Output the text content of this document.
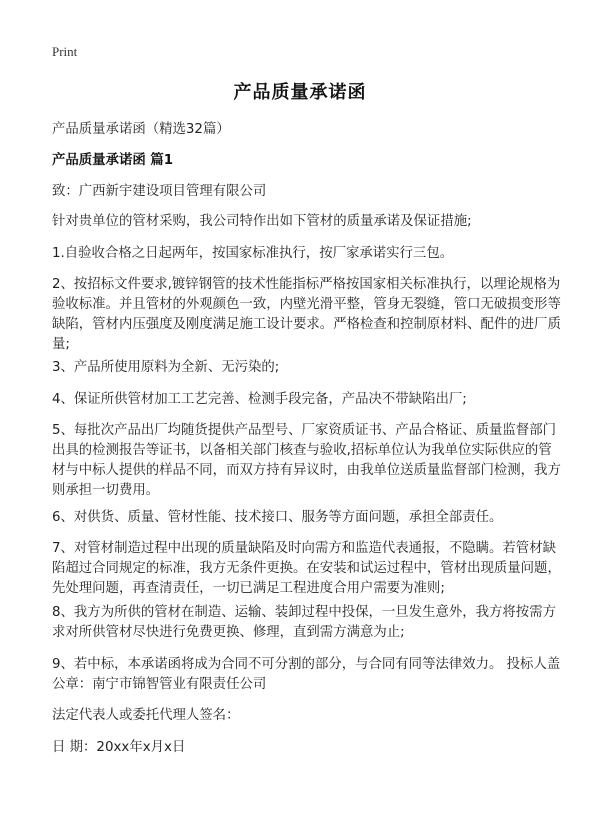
Print
产品质量承诺函

产品质量承诺函（精选32篇）

产品质量承诺函 篇1

致：广西新宇建设项目管理有限公司

针对贵单位的管材采购，我公司特作出如下管材的质量承诺及保证措施;

1.自验收合格之日起两年，按国家标准执行，按厂家承诺实行三包。

2、按招标文件要求,镀锌钢管的技术性能指标严格按国家相关标准执行，以理论规格为验收标准。并且管材的外观颜色一致，内壁光滑平整，管身无裂缝，管口无破损变形等缺陷，管材内压强度及刚度满足施工设计要求。严格检查和控制原材料、配件的进厂质量;

3、产品所使用原料为全新、无污染的;

4、保证所供管材加工工艺完善、检测手段完备，产品决不带缺陷出厂;

5、每批次产品出厂均随货提供产品型号、厂家资质证书、产品合格证、质量监督部门出具的检测报告等证书，以备相关部门核查与验收,招标单位认为我单位实际供应的管材与中标人提供的样品不同，而双方持有异议时，由我单位送质量监督部门检测，我方则承担一切费用。

6、对供货、质量、管材性能、技术接口、服务等方面问题，承担全部责任。

7、对管材制造过程中出现的质量缺陷及时向需方和监造代表通报，不隐瞒。若管材缺陷超过合同规定的标准，我方无条件更换。在安装和试运过程中，管材出现质量问题，先处理问题，再查清责任，一切已满足工程进度合用户需要为准则;

8、我方为所供的管材在制造、运输、装卸过程中投保，一旦发生意外，我方将按需方求对所供管材尽快进行免费更换、修理，直到需方满意为止;

9、若中标，本承诺函将成为合同不可分割的部分，与合同有同等法律效力。 投标人盖公章：南宁市锦智管业有限责任公司

法定代表人或委托代理人签名：

日 期：20xx年x月x日
